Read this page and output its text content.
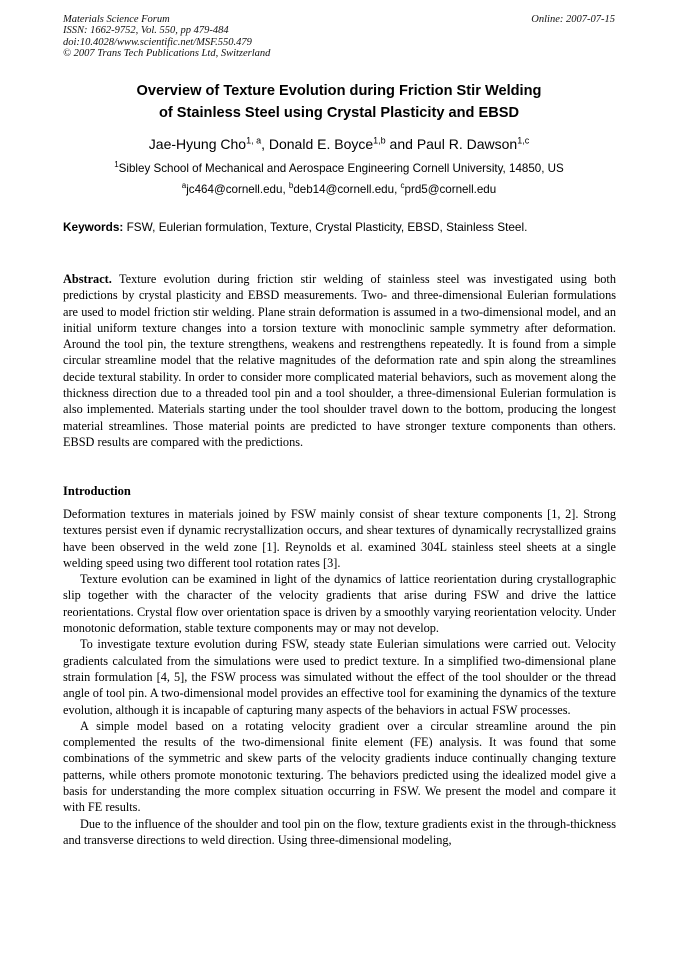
Materials Science Forum
ISSN: 1662-9752, Vol. 550, pp 479-484
doi:10.4028/www.scientific.net/MSF.550.479
© 2007 Trans Tech Publications Ltd, Switzerland
Online: 2007-07-15
Overview of Texture Evolution during Friction Stir Welding
of Stainless Steel using Crystal Plasticity and EBSD
Jae-Hyung Cho$^{1, a}$, Donald E. Boyce$^{1,b}$ and Paul R. Dawson$^{1,c}$
$^1$Sibley School of Mechanical and Aerospace Engineering Cornell University, 14850, US
$^a$jc464@cornell.edu, $^b$deb14@cornell.edu, $^c$prd5@cornell.edu
Keywords: FSW, Eulerian formulation, Texture, Crystal Plasticity, EBSD, Stainless Steel.
Abstract. Texture evolution during friction stir welding of stainless steel was investigated using both predictions by crystal plasticity and EBSD measurements. Two- and three-dimensional Eulerian formulations are used to model friction stir welding. Plane strain deformation is assumed in a two-dimensional model, and an initial uniform texture changes into a torsion texture with monoclinic sample symmetry after deformation. Around the tool pin, the texture strengthens, weakens and restrengthens repeatedly. It is found from a simple circular streamline model that the relative magnitudes of the deformation rate and spin along the streamlines decide textural stability. In order to consider more complicated material behaviors, such as movement along the thickness direction due to a threaded tool pin and a tool shoulder, a three-dimensional Eulerian formulation is also implemented. Materials starting under the tool shoulder travel down to the bottom, producing the longest material streamlines. Those material points are predicted to have stronger texture components than others. EBSD results are compared with the predictions.
Introduction

Deformation textures in materials joined by FSW mainly consist of shear texture components [1, 2]. Strong textures persist even if dynamic recrystallization occurs, and shear textures of dynamically recrystallized grains have been observed in the weld zone [1]. Reynolds et al. examined 304L stainless steel sheets at a single welding speed using two different tool rotation rates [3].

Texture evolution can be examined in light of the dynamics of lattice reorientation during crystallographic slip together with the character of the velocity gradients that arise during FSW and drive the lattice reorientations. Crystal flow over orientation space is driven by a smoothly varying reorientation velocity. Under monotonic deformation, stable texture components may or may not develop.

To investigate texture evolution during FSW, steady state Eulerian simulations were carried out. Velocity gradients calculated from the simulations were used to predict texture. In a simplified two-dimensional plane strain formulation [4, 5], the FSW process was simulated without the effect of the tool shoulder or the thread angle of tool pin. A two-dimensional model provides an effective tool for examining the dynamics of the texture evolution, although it is incapable of capturing many aspects of the behaviors in actual FSW processes.

A simple model based on a rotating velocity gradient over a circular streamline around the pin complemented the results of the two-dimensional finite element (FE) analysis. It was found that some combinations of the symmetric and skew parts of the velocity gradients induce continually changing texture patterns, while others promote monotonic texturing. The behaviors predicted using the idealized model give a basis for understanding the more complex situation occurring in FSW. We present the model and compare it with FE results.

Due to the influence of the shoulder and tool pin on the flow, texture gradients exist in the through-thickness and transverse directions to weld direction. Using three-dimensional modeling,
